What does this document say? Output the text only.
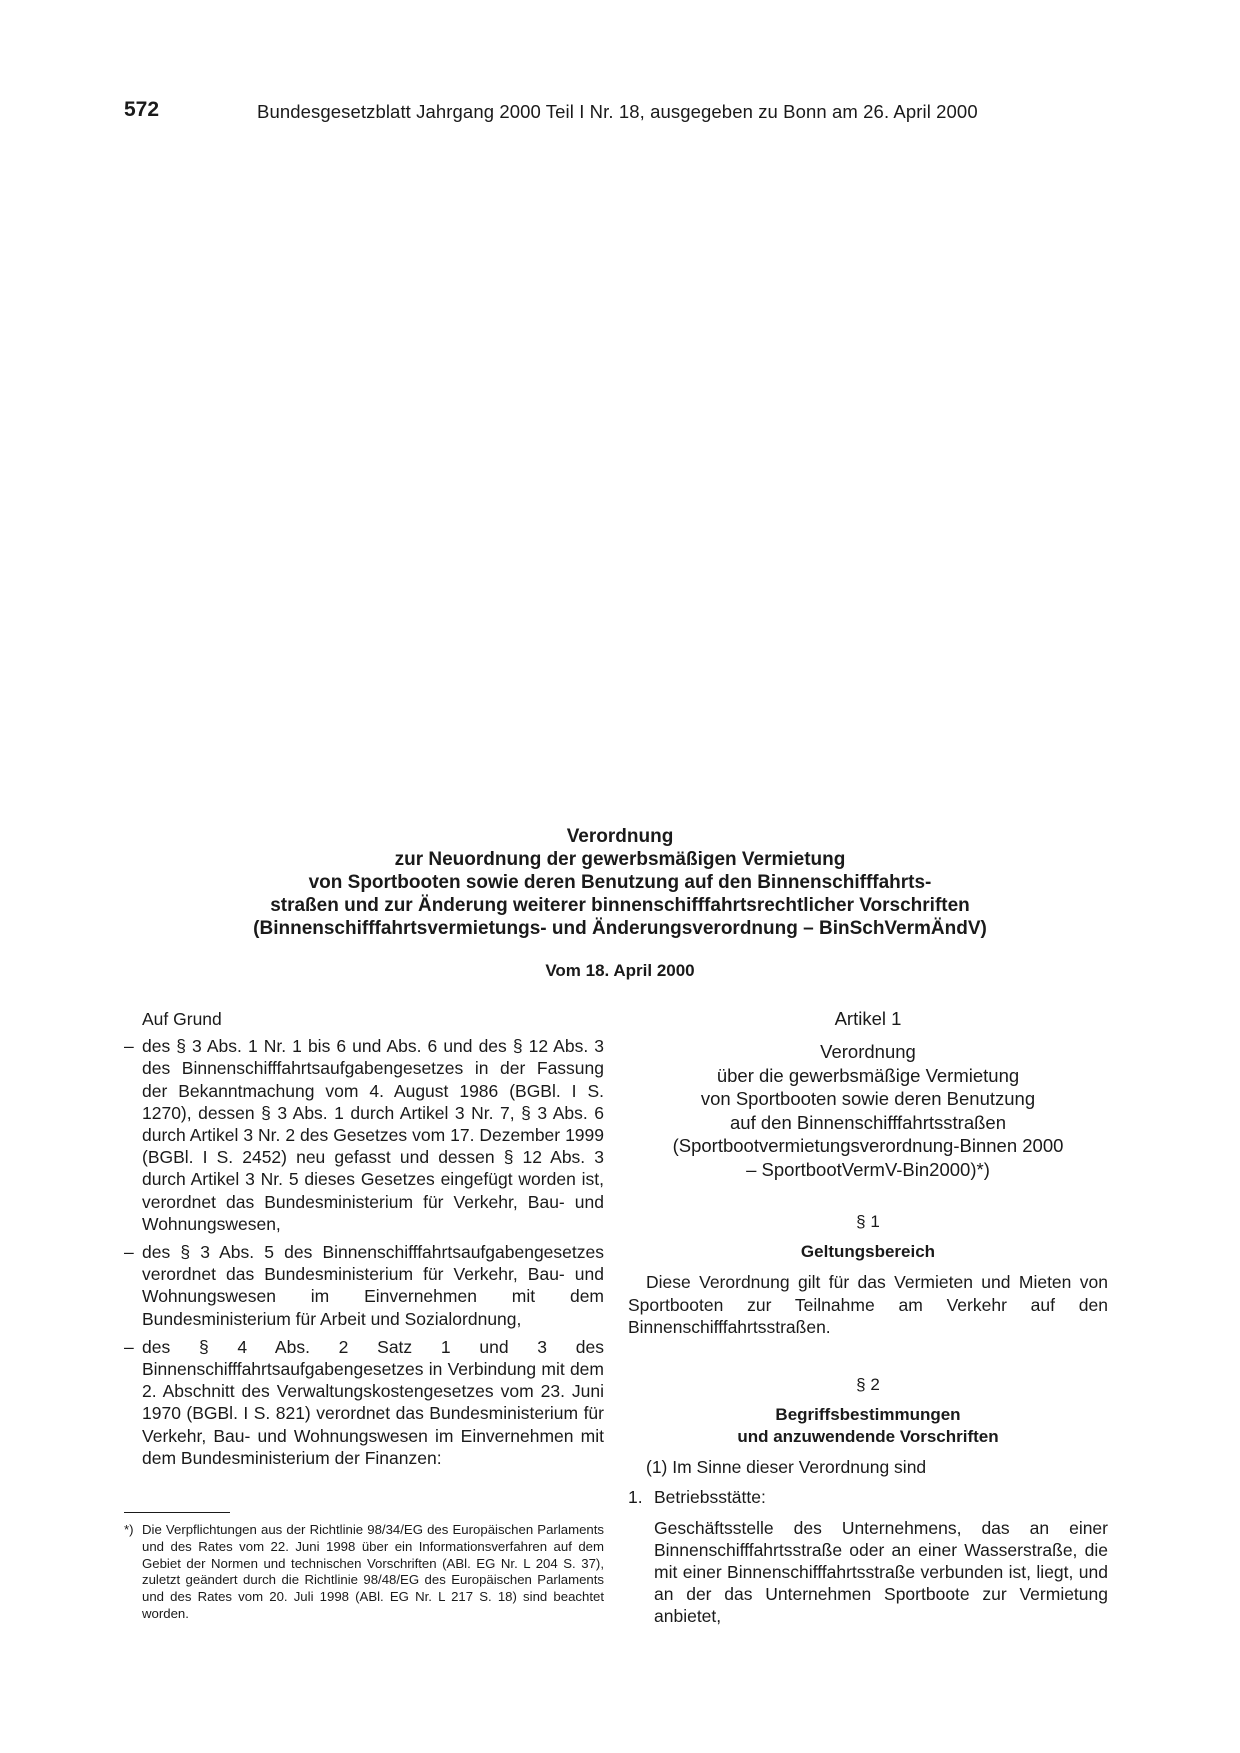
572	Bundesgesetzblatt Jahrgang 2000 Teil I Nr. 18, ausgegeben zu Bonn am 26. April 2000
Verordnung
zur Neuordnung der gewerbsmäßigen Vermietung
von Sportbooten sowie deren Benutzung auf den Binnenschifffahrts-
straßen und zur Änderung weiterer binnenschifffahrtsrechtlicher Vorschriften
(Binnenschifffahrtsvermietungs- und Änderungsverordnung – BinSchVermÄndV)
Vom 18. April 2000
Auf Grund
– des § 3 Abs. 1 Nr. 1 bis 6 und Abs. 6 und des § 12 Abs. 3 des Binnenschifffahrtsaufgabengesetzes in der Fassung der Bekanntmachung vom 4. August 1986 (BGBl. I S. 1270), dessen § 3 Abs. 1 durch Artikel 3 Nr. 7, § 3 Abs. 6 durch Artikel 3 Nr. 2 des Gesetzes vom 17. Dezember 1999 (BGBl. I S. 2452) neu gefasst und dessen § 12 Abs. 3 durch Artikel 3 Nr. 5 dieses Gesetzes eingefügt worden ist, verordnet das Bundesministerium für Verkehr, Bau- und Wohnungswesen,
– des § 3 Abs. 5 des Binnenschifffahrtsaufgabengesetzes verordnet das Bundesministerium für Verkehr, Bau- und Wohnungswesen im Einvernehmen mit dem Bundesministerium für Arbeit und Sozialordnung,
– des § 4 Abs. 2 Satz 1 und 3 des Binnenschifffahrtsaufgabengesetzes in Verbindung mit dem 2. Abschnitt des Verwaltungskostengesetzes vom 23. Juni 1970 (BGBl. I S. 821) verordnet das Bundesministerium für Verkehr, Bau- und Wohnungswesen im Einvernehmen mit dem Bundesministerium der Finanzen:
*) Die Verpflichtungen aus der Richtlinie 98/34/EG des Europäischen Parlaments und des Rates vom 22. Juni 1998 über ein Informationsverfahren auf dem Gebiet der Normen und technischen Vorschriften (ABl. EG Nr. L 204 S. 37), zuletzt geändert durch die Richtlinie 98/48/EG des Europäischen Parlaments und des Rates vom 20. Juli 1998 (ABl. EG Nr. L 217 S. 18) sind beachtet worden.
Artikel 1
Verordnung
über die gewerbsmäßige Vermietung
von Sportbooten sowie deren Benutzung
auf den Binnenschifffahrtsstraßen
(Sportbootvermietungsverordnung-Binnen 2000
– SportbootVermV-Bin2000)*)
§ 1
Geltungsbereich
Diese Verordnung gilt für das Vermieten und Mieten von Sportbooten zur Teilnahme am Verkehr auf den Binnenschifffahrtsstraßen.
§ 2
Begriffsbestimmungen
und anzuwendende Vorschriften
(1) Im Sinne dieser Verordnung sind
1. Betriebsstätte:
Geschäftsstelle des Unternehmens, das an einer Binnenschifffahrtsstraße oder an einer Wasserstraße, die mit einer Binnenschifffahrtsstraße verbunden ist, liegt, und an der das Unternehmen Sportboote zur Vermietung anbietet,
